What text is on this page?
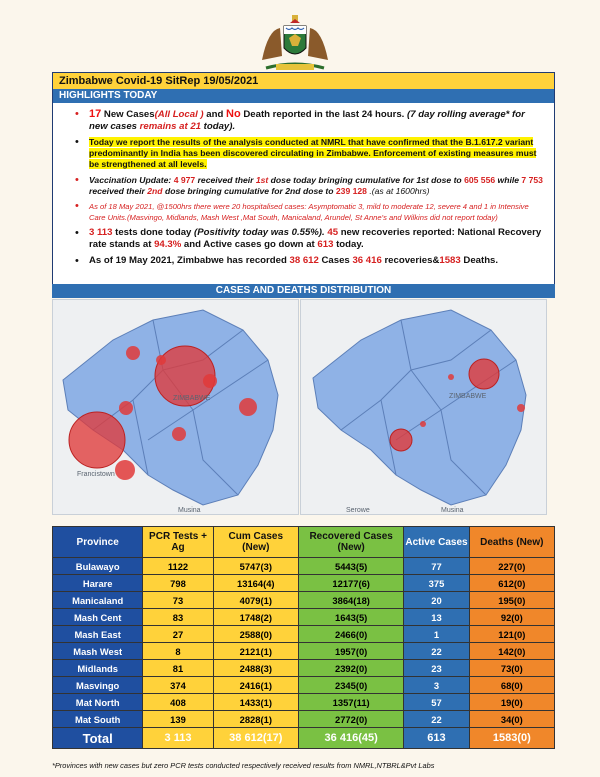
Zimbabwe Covid-19 SitRep 19/05/2021
HIGHLIGHTS TODAY
• 17 New Cases(All Local ) and No Death reported in the last 24 hours. (7 day rolling average* for new cases remains at 21 today).
• Today we report the results of the analysis conducted at NMRL that have confirmed that the B.1.617.2 variant predominantly in India has been discovered circulating in Zimbabwe. Enforcement of existing measures must be strengthened at all levels.
• Vaccination Update: 4 977 received their 1st dose today bringing cumulative for 1st dose to 605 556 while 7 753 received their 2nd dose bringing cumulative for 2nd dose to 239 128 .(as at 1600hrs)
• As of 18 May 2021, @1500hrs there were 20 hospitalised cases: Asymptomatic 3, mild to moderate 12, severe 4 and 1 in Intensive Care Units.(Masvingo, Midlands, Mash West ,Mat South, Manicaland, Arundel, St Anne's and Wilkins did not report today)
• 3 113 tests done today (Positivity today was 0.55%). 45 new recoveries reported: National Recovery rate stands at 94.3% and Active cases go down at 613 today.
• As of 19 May 2021, Zimbabwe has recorded 38 612 Cases 36 416 recoveries&1583 Deaths.
CASES AND DEATHS DISTRIBUTION
ZIMBABWE
Francistown
Musina
ZIMBABWE
Musina
Serowe
Province	PCR Tests + Ag	Cum Cases (New)	Recovered Cases (New)	Active Cases	Deaths (New)
Bulawayo	1122	5747(3)	5443(5)	77	227(0)
Harare	798	13164(4)	12177(6)	375	612(0)
Manicaland	73	4079(1)	3864(18)	20	195(0)
Mash Cent	83	1748(2)	1643(5)	13	92(0)
Mash East	27	2588(0)	2466(0)	1	121(0)
Mash West	8	2121(1)	1957(0)	22	142(0)
Midlands	81	2488(3)	2392(0)	23	73(0)
Masvingo	374	2416(1)	2345(0)	3	68(0)
Mat North	408	1433(1)	1357(11)	57	19(0)
Mat South	139	2828(1)	2772(0)	22	34(0)
Total	3 113	38 612(17)	36 416(45)	613	1583(0)
*Provinces with new cases but zero PCR tests conducted respectively received results from NMRL,NTBRL&Pvt Labs
